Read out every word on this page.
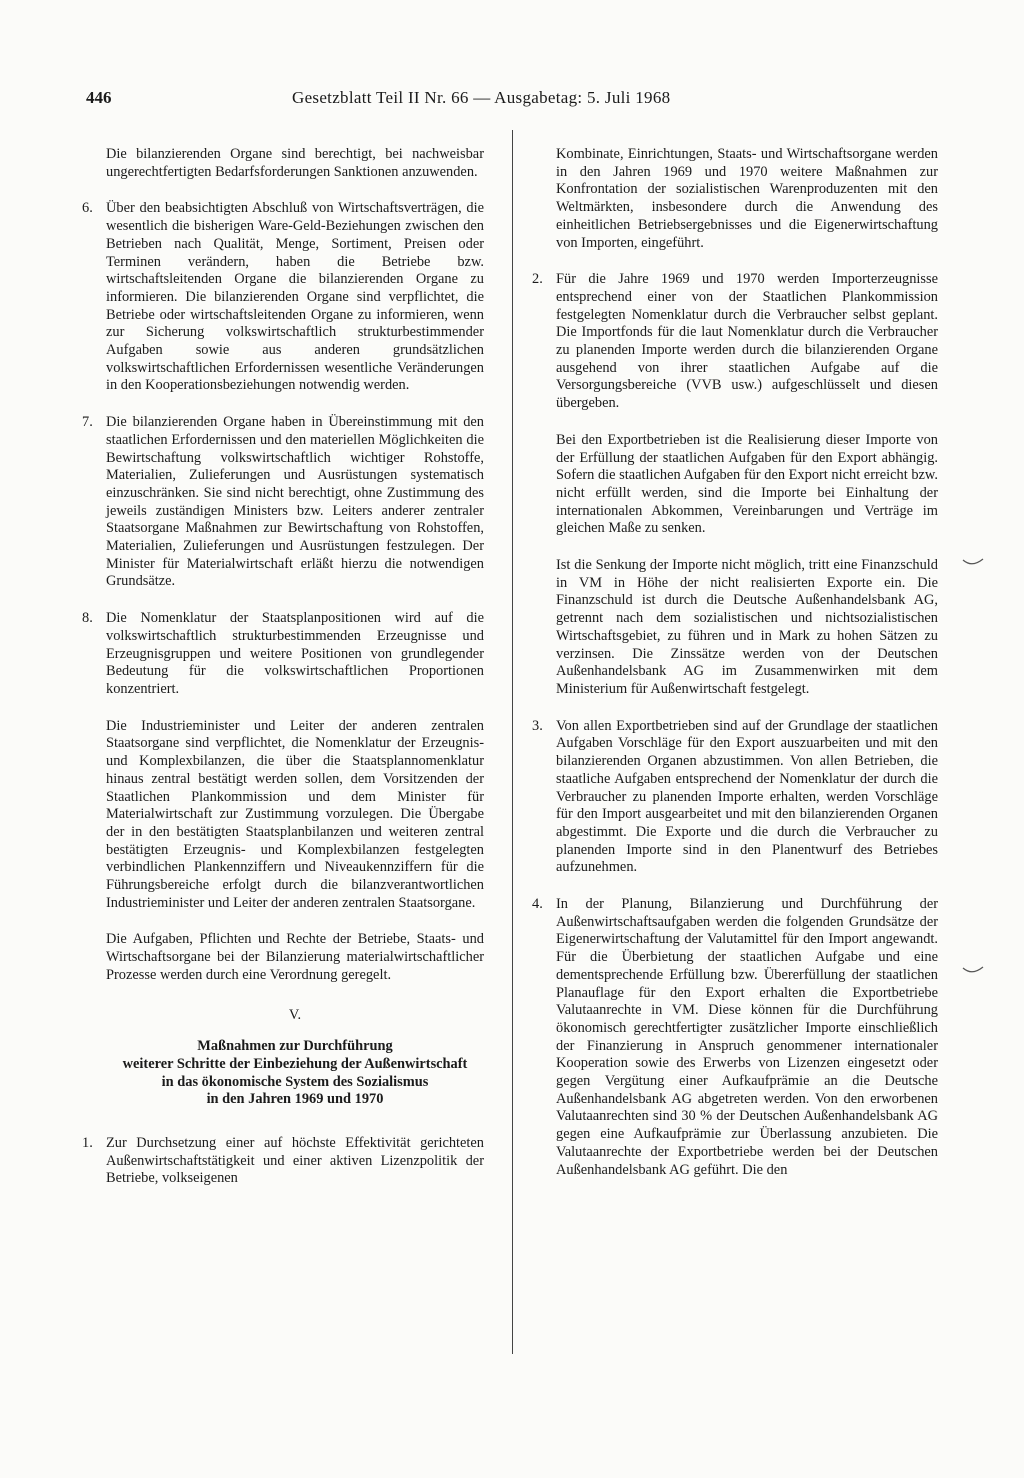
446	Gesetzblatt Teil II Nr. 66 — Ausgabetag: 5. Juli 1968

Die bilanzierenden Organe sind berechtigt, bei nachweisbar ungerechtfertigten Bedarfsforderungen Sanktionen anzuwenden.

6. Über den beabsichtigten Abschluß von Wirtschaftsverträgen, die wesentlich die bisherigen Ware-Geld-Beziehungen zwischen den Betrieben nach Qualität, Menge, Sortiment, Preisen oder Terminen verändern, haben die Betriebe bzw. wirtschaftsleitenden Organe die bilanzierenden Organe zu informieren. Die bilanzierenden Organe sind verpflichtet, die Betriebe oder wirtschaftsleitenden Organe zu informieren, wenn zur Sicherung volkswirtschaftlich strukturbestimmender Aufgaben sowie aus anderen grundsätzlichen volkswirtschaftlichen Erfordernissen wesentliche Veränderungen in den Kooperationsbeziehungen notwendig werden.

7. Die bilanzierenden Organe haben in Übereinstimmung mit den staatlichen Erfordernissen und den materiellen Möglichkeiten die Bewirtschaftung volkswirtschaftlich wichtiger Rohstoffe, Materialien, Zulieferungen und Ausrüstungen systematisch einzuschränken. Sie sind nicht berechtigt, ohne Zustimmung des jeweils zuständigen Ministers bzw. Leiters anderer zentraler Staatsorgane Maßnahmen zur Bewirtschaftung von Rohstoffen, Materialien, Zulieferungen und Ausrüstungen festzulegen. Der Minister für Materialwirtschaft erläßt hierzu die notwendigen Grundsätze.

8. Die Nomenklatur der Staatsplanpositionen wird auf die volkswirtschaftlich strukturbestimmenden Erzeugnisse und Erzeugnisgruppen und weitere Positionen von grundlegender Bedeutung für die volkswirtschaftlichen Proportionen konzentriert.

Die Industrieminister und Leiter der anderen zentralen Staatsorgane sind verpflichtet, die Nomenklatur der Erzeugnis- und Komplexbilanzen, die über die Staatsplannomenklatur hinaus zentral bestätigt werden sollen, dem Vorsitzenden der Staatlichen Plankommission und dem Minister für Materialwirtschaft zur Zustimmung vorzulegen. Die Übergabe der in den bestätigten Staatsplanbilanzen und weiteren zentral bestätigten Erzeugnis- und Komplexbilanzen festgelegten verbindlichen Plankennziffern und Niveaukennziffern für die Führungsbereiche erfolgt durch die bilanzverantwortlichen Industrieminister und Leiter der anderen zentralen Staatsorgane.

Die Aufgaben, Pflichten und Rechte der Betriebe, Staats- und Wirtschaftsorgane bei der Bilanzierung materialwirtschaftlicher Prozesse werden durch eine Verordnung geregelt.

V.
Maßnahmen zur Durchführung
weiterer Schritte der Einbeziehung der Außenwirtschaft
in das ökonomische System des Sozialismus
in den Jahren 1969 und 1970
1. Zur Durchsetzung einer auf höchste Effektivität gerichteten Außenwirtschaftstätigkeit und einer aktiven Lizenzpolitik der Betriebe, volkseigenen

Kombinate, Einrichtungen, Staats- und Wirtschaftsorgane werden in den Jahren 1969 und 1970 weitere Maßnahmen zur Konfrontation der sozialistischen Warenproduzenten mit den Weltmärkten, insbesondere durch die Anwendung des einheitlichen Betriebsergebnisses und die Eigenerwirtschaftung von Importen, eingeführt.

2. Für die Jahre 1969 und 1970 werden Importerzeugnisse entsprechend einer von der Staatlichen Plankommission festgelegten Nomenklatur durch die Verbraucher selbst geplant. Die Importfonds für die laut Nomenklatur durch die Verbraucher zu planenden Importe werden durch die bilanzierenden Organe ausgehend von ihrer staatlichen Aufgabe auf die Versorgungsbereiche (VVB usw.) aufgeschlüsselt und diesen übergeben.

Bei den Exportbetrieben ist die Realisierung dieser Importe von der Erfüllung der staatlichen Aufgaben für den Export abhängig. Sofern die staatlichen Aufgaben für den Export nicht erreicht bzw. nicht erfüllt werden, sind die Importe bei Einhaltung der internationalen Abkommen, Vereinbarungen und Verträge im gleichen Maße zu senken.

Ist die Senkung der Importe nicht möglich, tritt eine Finanzschuld in VM in Höhe der nicht realisierten Exporte ein. Die Finanzschuld ist durch die Deutsche Außenhandelsbank AG, getrennt nach dem sozialistischen und nichtsozialistischen Wirtschaftsgebiet, zu führen und in Mark zu hohen Sätzen zu verzinsen. Die Zinssätze werden von der Deutschen Außenhandelsbank AG im Zusammenwirken mit dem Ministerium für Außenwirtschaft festgelegt.

3. Von allen Exportbetrieben sind auf der Grundlage der staatlichen Aufgaben Vorschläge für den Export auszuarbeiten und mit den bilanzierenden Organen abzustimmen. Von allen Betrieben, die staatliche Aufgaben entsprechend der Nomenklatur der durch die Verbraucher zu planenden Importe erhalten, werden Vorschläge für den Import ausgearbeitet und mit den bilanzierenden Organen abgestimmt. Die Exporte und die durch die Verbraucher zu planenden Importe sind in den Planentwurf des Betriebes aufzunehmen.

4. In der Planung, Bilanzierung und Durchführung der Außenwirtschaftsaufgaben werden die folgenden Grundsätze der Eigenerwirtschaftung der Valutamittel für den Import angewandt. Für die Überbietung der staatlichen Aufgabe und eine dementsprechende Erfüllung bzw. Übererfüllung der staatlichen Planauflage für den Export erhalten die Exportbetriebe Valutaanrechte in VM. Diese können für die Durchführung ökonomisch gerechtfertigter zusätzlicher Importe einschließlich der Finanzierung in Anspruch genommener internationaler Kooperation sowie des Erwerbs von Lizenzen eingesetzt oder gegen Vergütung einer Aufkaufprämie an die Deutsche Außenhandelsbank AG abgetreten werden. Von den erworbenen Valutaanrechten sind 30 % der Deutschen Außenhandelsbank AG gegen eine Aufkaufprämie zur Überlassung anzubieten. Die Valutaanrechte der Exportbetriebe werden bei der Deutschen Außenhandelsbank AG geführt. Die den
